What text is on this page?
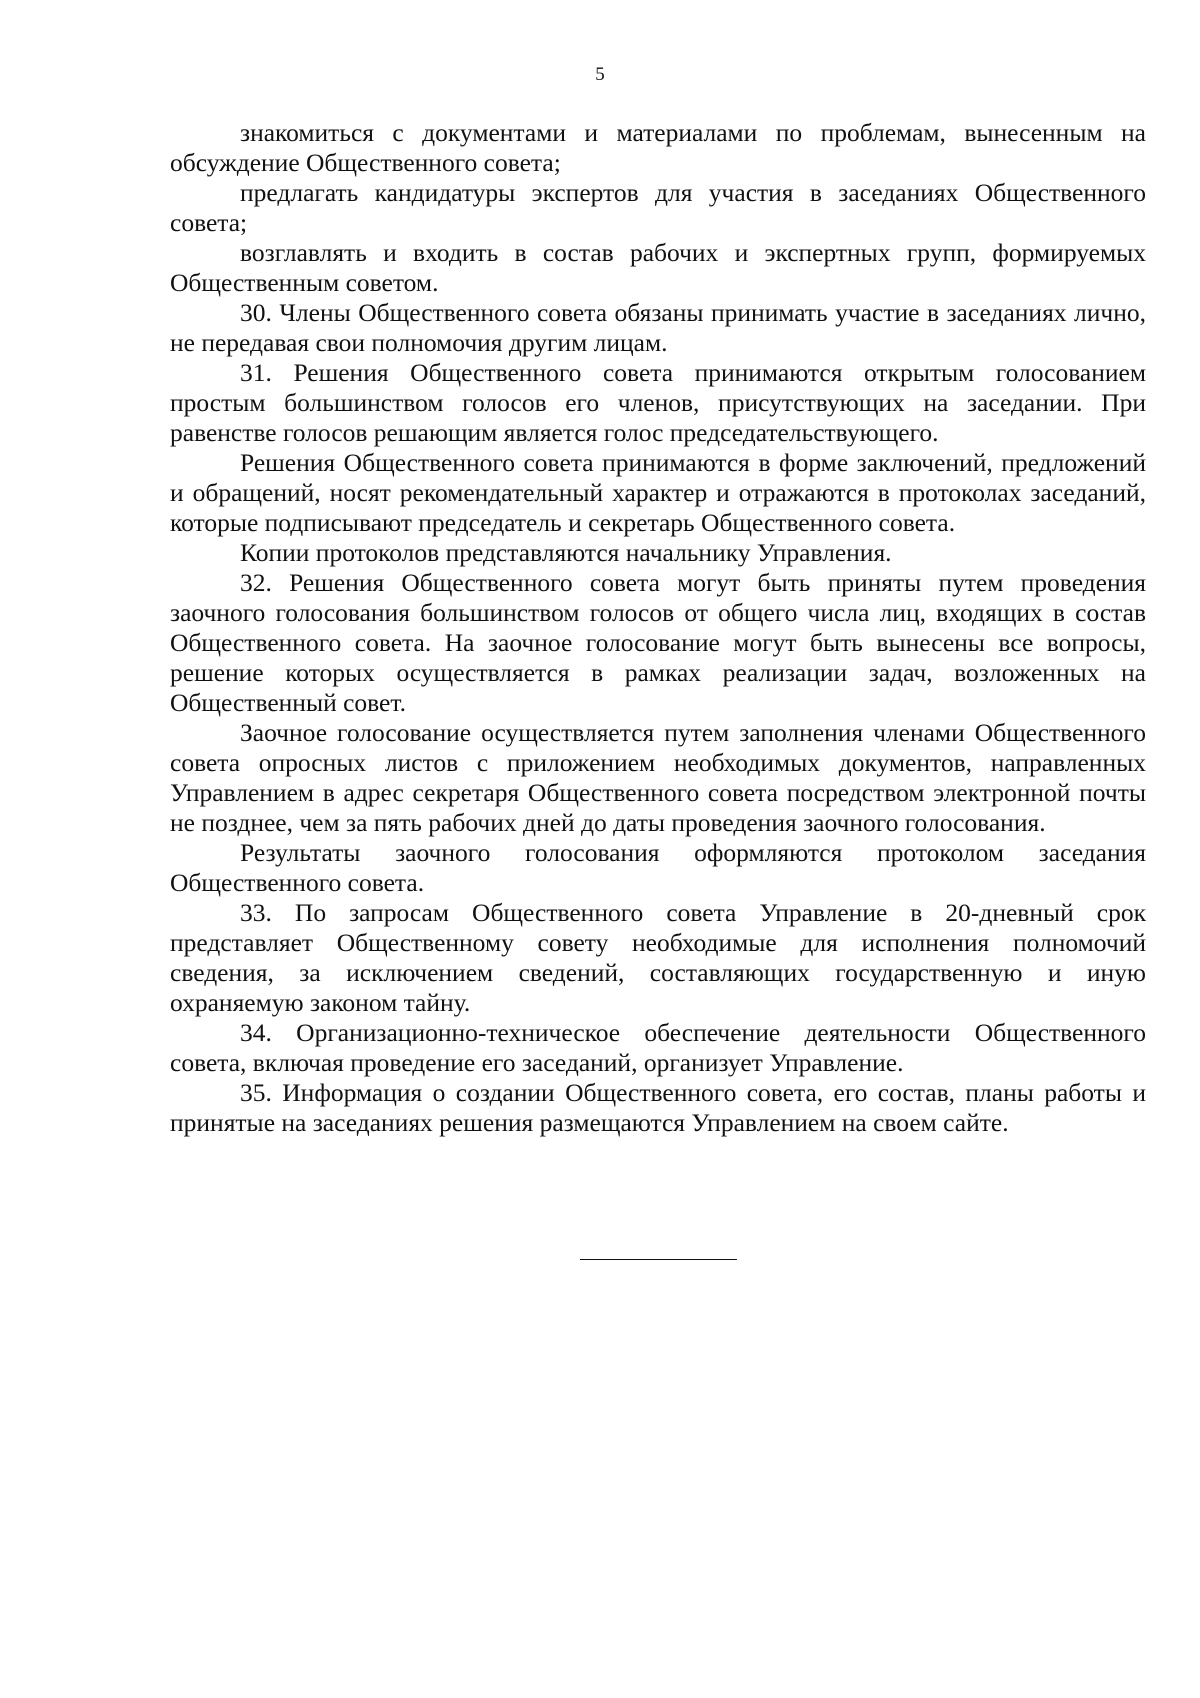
5

знакомиться с документами и материалами по проблемам, вынесенным на обсуждение Общественного совета;

предлагать кандидатуры экспертов для участия в заседаниях Общественного совета;

возглавлять и входить в состав рабочих и экспертных групп, формируемых Общественным советом.

30. Члены Общественного совета обязаны принимать участие в заседаниях лично, не передавая свои полномочия другим лицам.

31. Решения Общественного совета принимаются открытым голосованием простым большинством голосов его членов, присутствующих на заседании. При равенстве голосов решающим является голос председательствующего.

Решения Общественного совета принимаются в форме заключений, предложений и обращений, носят рекомендательный характер и отражаются в протоколах заседаний, которые подписывают председатель и секретарь Общественного совета.

Копии протоколов представляются начальнику Управления.

32. Решения Общественного совета могут быть приняты путем проведения заочного голосования большинством голосов от общего числа лиц, входящих в состав Общественного совета. На заочное голосование могут быть вынесены все вопросы, решение которых осуществляется в рамках реализации задач, возложенных на Общественный совет.

Заочное голосование осуществляется путем заполнения членами Общественного совета опросных листов с приложением необходимых документов, направленных Управлением в адрес секретаря Общественного совета посредством электронной почты не позднее, чем за пять рабочих дней до даты проведения заочного голосования.

Результаты заочного голосования оформляются протоколом заседания Общественного совета.

33. По запросам Общественного совета Управление в 20-дневный срок представляет Общественному совету необходимые для исполнения полномочий сведения, за исключением сведений, составляющих государственную и иную охраняемую законом тайну.

34. Организационно-техническое обеспечение деятельности Общественного совета, включая проведение его заседаний, организует Управление.

35. Информация о создании Общественного совета, его состав, планы работы и принятые на заседаниях решения размещаются Управлением на своем сайте.
